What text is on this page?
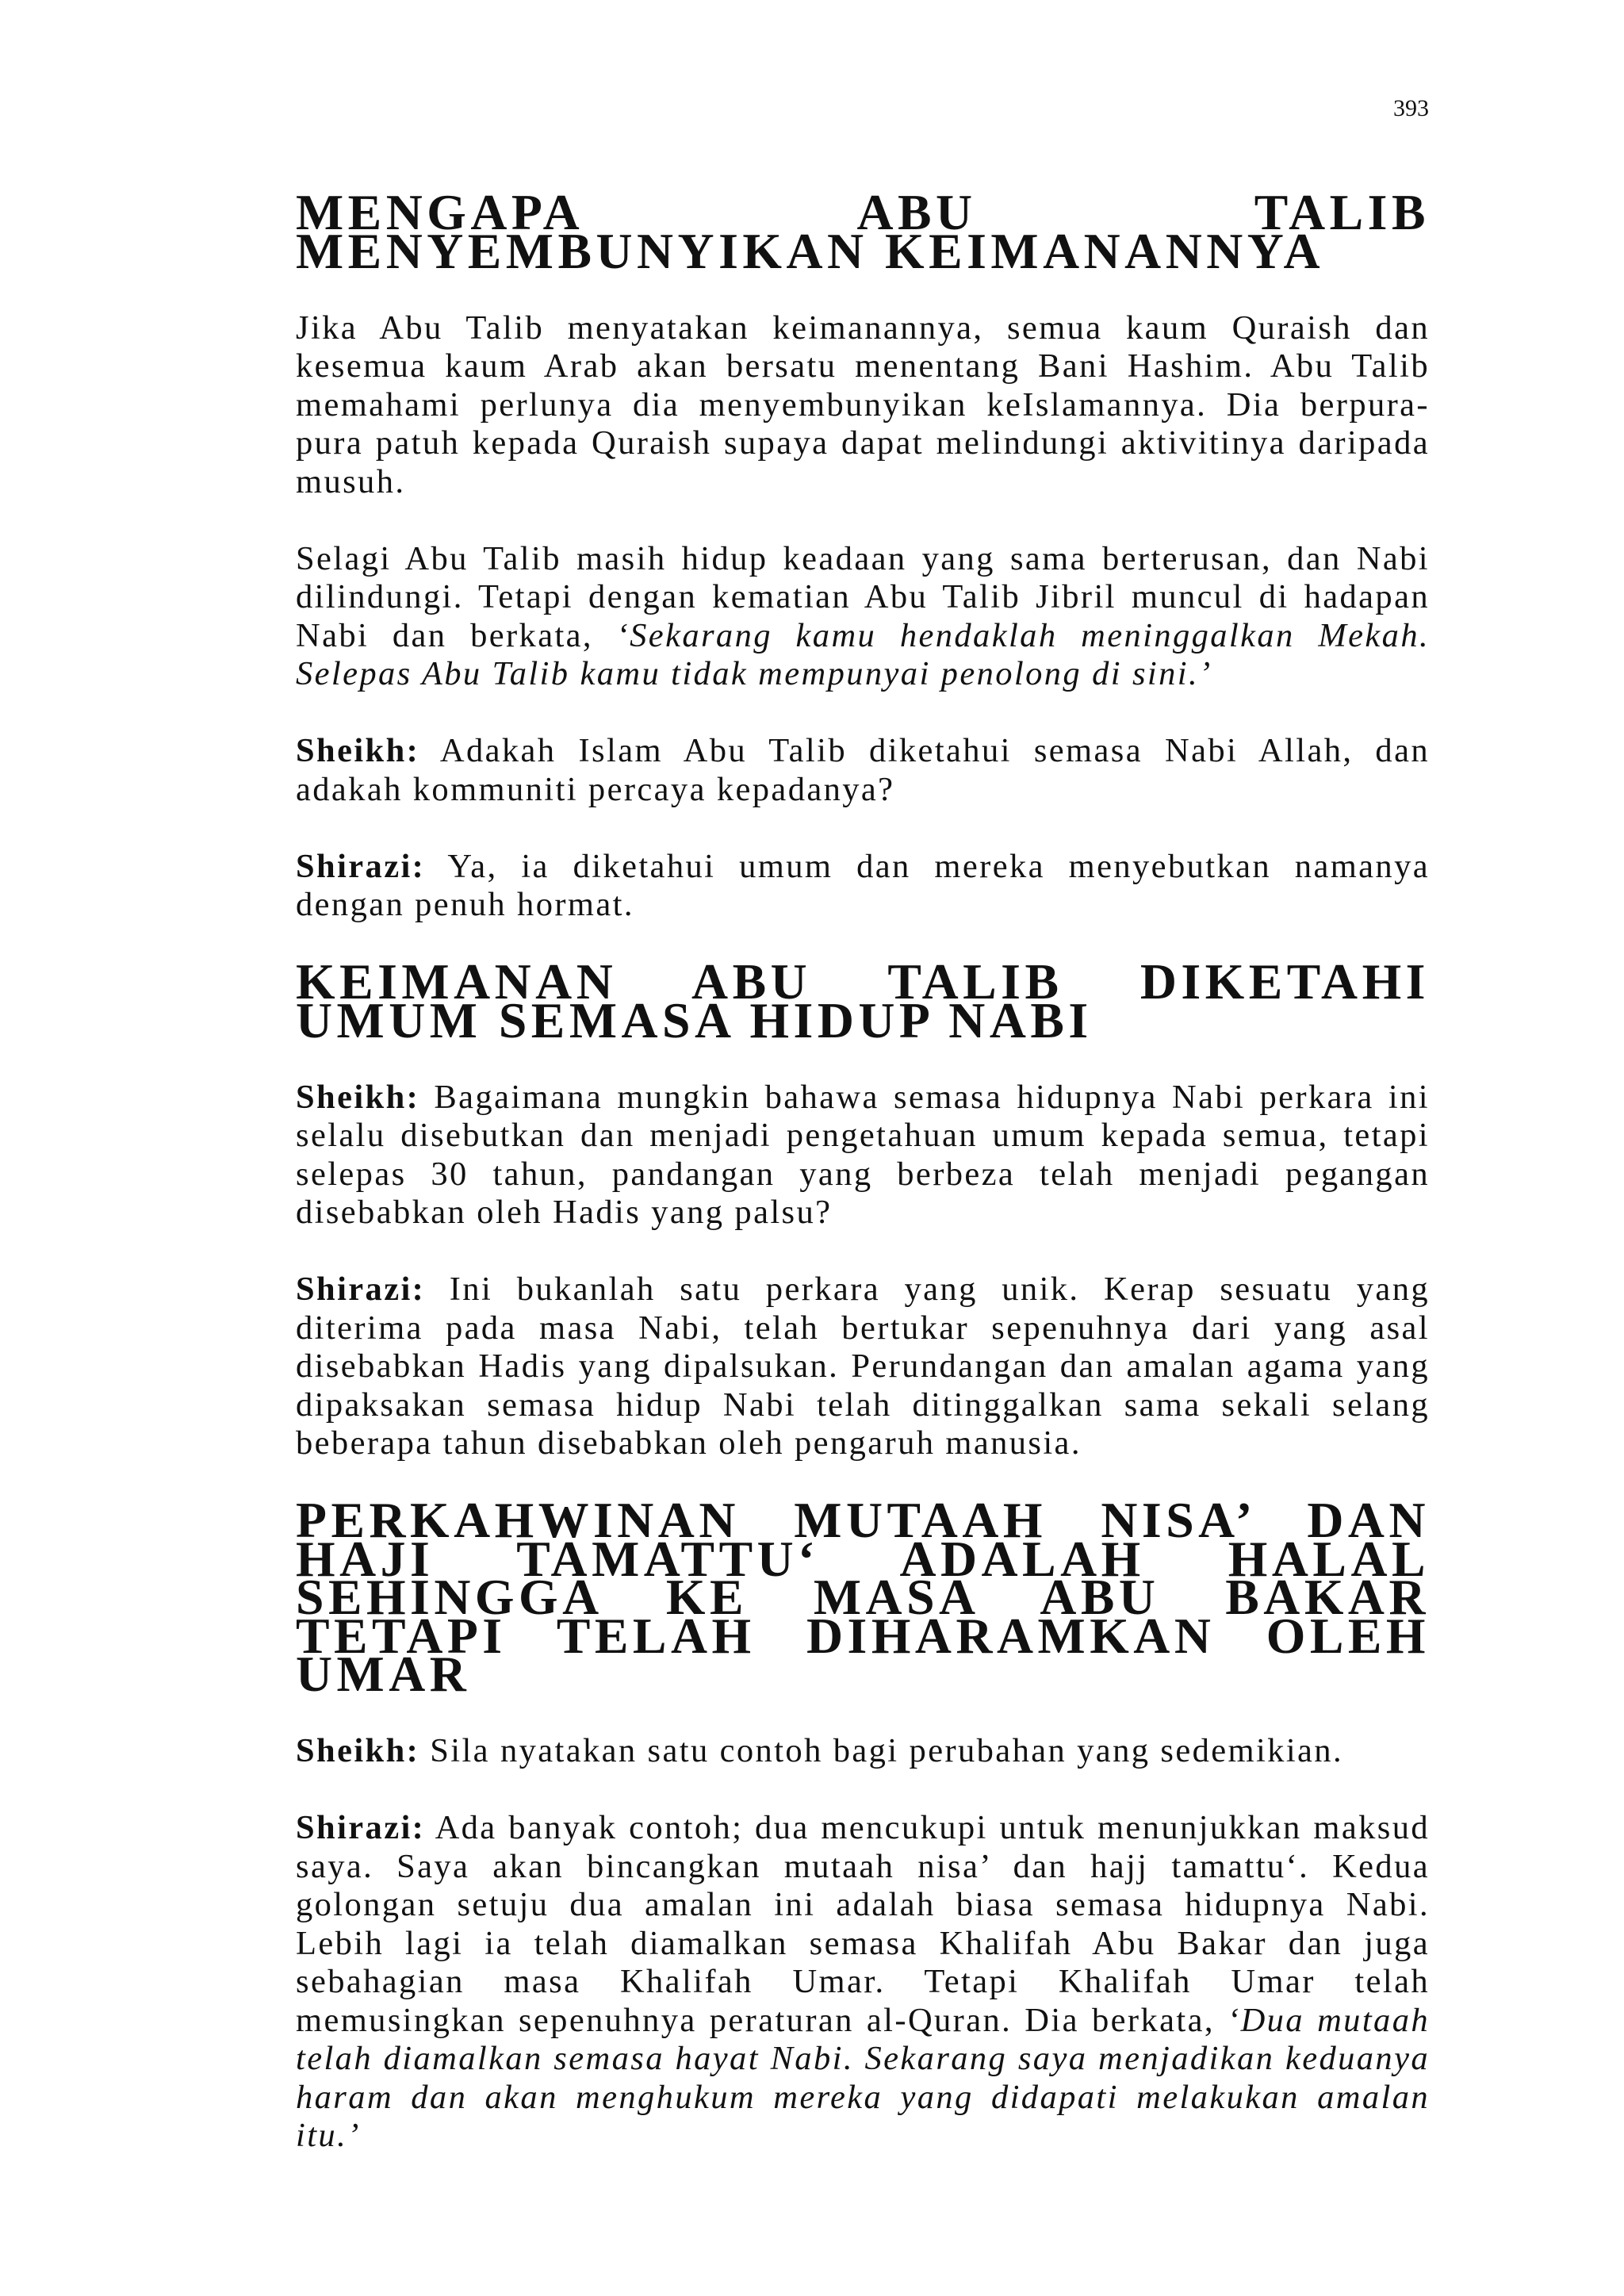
393
MENGAPA ABU TALIB MENYEMBUNYIKAN KEIMANANNYA

Jika Abu Talib menyatakan keimanannya, semua kaum Quraish dan kesemua kaum Arab akan bersatu menentang Bani Hashim. Abu Talib memahami perlunya dia menyembunyikan keIslamannya. Dia berpura-pura patuh kepada Quraish supaya dapat melindungi aktivitinya daripada musuh.

Selagi Abu Talib masih hidup keadaan yang sama berterusan, dan Nabi dilindungi. Tetapi dengan kematian Abu Talib Jibril muncul di hadapan Nabi dan berkata, ‘Sekarang kamu hendaklah meninggalkan Mekah. Selepas Abu Talib kamu tidak mempunyai penolong di sini.’

Sheikh: Adakah Islam Abu Talib diketahui semasa Nabi Allah, dan adakah kommuniti percaya kepadanya?

Shirazi: Ya, ia diketahui umum dan mereka menyebutkan namanya dengan penuh hormat.

KEIMANAN ABU TALIB DIKETAHI UMUM SEMASA HIDUP NABI

Sheikh: Bagaimana mungkin bahawa semasa hidupnya Nabi perkara ini selalu disebutkan dan menjadi pengetahuan umum kepada semua, tetapi selepas 30 tahun, pandangan yang berbeza telah menjadi pegangan disebabkan oleh Hadis yang palsu?

Shirazi: Ini bukanlah satu perkara yang unik. Kerap sesuatu yang diterima pada masa Nabi, telah bertukar sepenuhnya dari yang asal disebabkan Hadis yang dipalsukan. Perundangan dan amalan agama yang dipaksakan semasa hidup Nabi telah ditinggalkan sama sekali selang beberapa tahun disebabkan oleh pengaruh manusia.

PERKAHWINAN MUTAAH NISA’ DAN HAJI TAMATTU‘ ADALAH HALAL SEHINGGA KE MASA ABU BAKAR TETAPI TELAH DIHARAMKAN OLEH UMAR

Sheikh: Sila nyatakan satu contoh bagi perubahan yang sedemikian.

Shirazi: Ada banyak contoh; dua mencukupi untuk menunjukkan maksud saya. Saya akan bincangkan mutaah nisa’ dan hajj tamattu‘. Kedua golongan setuju dua amalan ini adalah biasa semasa hidupnya Nabi. Lebih lagi ia telah diamalkan semasa Khalifah Abu Bakar dan juga sebahagian masa Khalifah Umar. Tetapi Khalifah Umar telah memusingkan sepenuhnya peraturan al-Quran. Dia berkata, ‘Dua mutaah telah diamalkan semasa hayat Nabi. Sekarang saya menjadikan keduanya haram dan akan menghukum mereka yang didapati melakukan amalan itu.’
